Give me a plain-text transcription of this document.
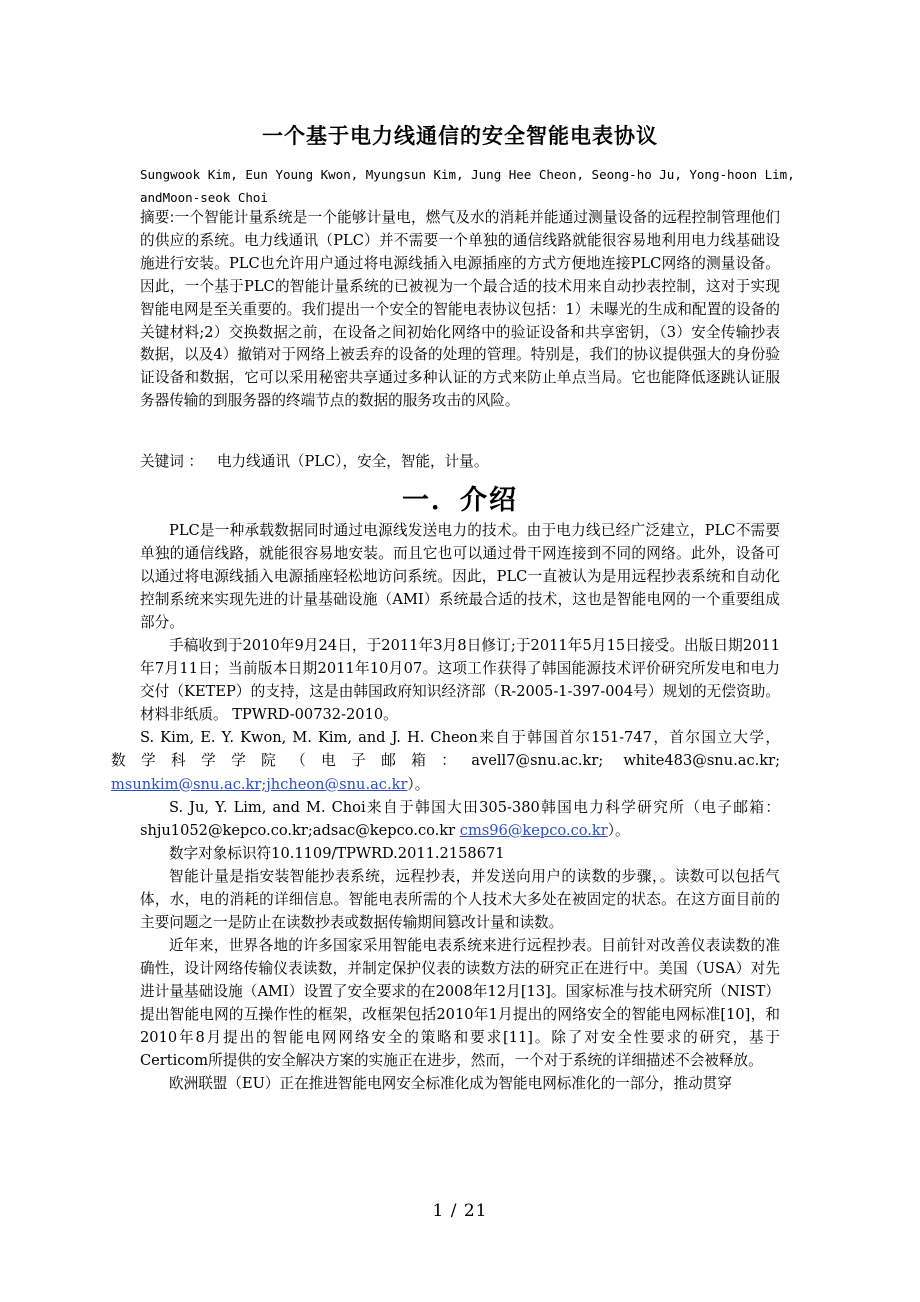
一个基于电力线通信的安全智能电表协议
Sungwook Kim, Eun Young Kwon, Myungsun Kim, Jung Hee Cheon, Seong-ho Ju, Yong-hoon Lim,
andMoon-seok Choi
摘要:一个智能计量系统是一个能够计量电，燃气及水的消耗并能通过测量设备的远程控制管理他们的供应的系统。电力线通讯（PLC）并不需要一个单独的通信线路就能很容易地利用电力线基础设施进行安装。PLC也允许用户通过将电源线插入电源插座的方式方便地连接PLC网络的测量设备。因此，一个基于PLC的智能计量系统的已被视为一个最合适的技术用来自动抄表控制，这对于实现智能电网是至关重要的。我们提出一个安全的智能电表协议包括：1）未曝光的生成和配置的设备的关键材料;2）交换数据之前，在设备之间初始化网络中的验证设备和共享密钥，（3）安全传输抄表数据，以及4）撤销对于网络上被丢弃的设备的处理的管理。特别是，我们的协议提供强大的身份验证设备和数据，它可以采用秘密共享通过多种认证的方式来防止单点当局。它也能降低逐跳认证服务器传输的到服务器的终端节点的数据的服务攻击的风险。
关键词 ： 电力线通讯（PLC），安全，智能，计量。
一．介绍

PLC是一种承载数据同时通过电源线发送电力的技术。由于电力线已经广泛建立，PLC不需要单独的通信线路，就能很容易地安装。而且它也可以通过骨干网连接到不同的网络。此外，设备可以通过将电源线插入电源插座轻松地访问系统。因此，PLC一直被认为是用远程抄表系统和自动化控制系统来实现先进的计量基础设施（AMI）系统最合适的技术，这也是智能电网的一个重要组成部分。

手稿收到于2010年9月24日，于2011年3月8日修订;于2011年5月15日接受。出版日期2011年7月11日；当前版本日期2011年10月07。这项工作获得了韩国能源技术评价研究所发电和电力交付（KETEP）的支持，这是由韩国政府知识经济部（R-2005-1-397-004号）规划的无偿资助。材料非纸质。 TPWRD-00732-2010。

S. Kim, E. Y. Kwon, M. Kim, and J. H. Cheon来自于韩国首尔151-747，首尔国立大学，
数学科学学院（电子邮箱：avell7@snu.ac.kr; white483@snu.ac.kr;
msunkim@snu.ac.kr;jhcheon@snu.ac.kr）。

S. Ju, Y. Lim, and M. Choi来自于韩国大田305-380韩国电力科学研究所（电子邮箱：shju1052@kepco.co.kr;adsac@kepco.co.kr cms96@kepco.co.kr）。

数字对象标识符10.1109/TPWRD.2011.2158671

智能计量是指安装智能抄表系统，远程抄表，并发送向用户的读数的步骤，。读数可以包括气体，水，电的消耗的详细信息。智能电表所需的个人技术大多处在被固定的状态。在这方面目前的主要问题之一是防止在读数抄表或数据传输期间篡改计量和读数。

近年来，世界各地的许多国家采用智能电表系统来进行远程抄表。目前针对改善仪表读数的准确性，设计网络传输仪表读数，并制定保护仪表的读数方法的研究正在进行中。美国（USA）对先进计量基础设施（AMI）设置了安全要求的在2008年12月[13]。国家标准与技术研究所（NIST）提出智能电网的互操作性的框架，改框架包括2010年1月提出的网络安全的智能电网标准[10]，和2010年8月提出的智能电网网络安全的策略和要求[11]。除了对安全性要求的研究，基于Certicom所提供的安全解决方案的实施正在进步，然而，一个对于系统的详细描述不会被释放。

欧洲联盟（EU）正在推进智能电网安全标准化成为智能电网标准化的一部分，推动贯穿

1 / 21
